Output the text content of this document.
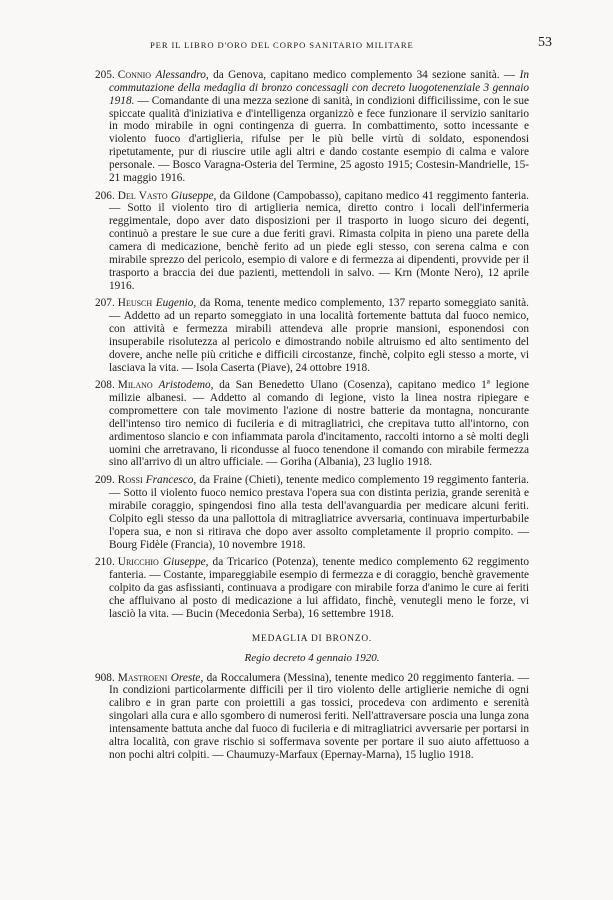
PER IL LIBRO D'ORO DEL CORPO SANITARIO MILITARE	53

205. Connio Alessandro, da Genova, capitano medico complemento 34 sezione sanità. — In commutazione della medaglia di bronzo concessagli con decreto luogotenenziale 3 gennaio 1918. — Comandante di una mezza sezione di sanità, in condizioni difficilissime, con le sue spiccate qualità d'iniziativa e d'intelligenza organizzò e fece funzionare il servizio sanitario in modo mirabile in ogni contingenza di guerra. In combattimento, sotto incessante e violento fuoco d'artiglieria, rifulse per le più belle virtù di soldato, esponendosi ripetutamente, pur di riuscire utile agli altri e dando costante esempio di calma e valore personale. — Bosco Varagna-Osteria del Termine, 25 agosto 1915; Costesin-Mandrielle, 15-21 maggio 1916.

206. Del Vasto Giuseppe, da Gildone (Campobasso), capitano medico 41 reggimento fanteria. — Sotto il violento tiro di artiglieria nemica, diretto contro i locali dell'infermeria reggimentale, dopo aver dato disposizioni per il trasporto in luogo sicuro dei degenti, continuò a prestare le sue cure a due feriti gravi. Rimasta colpita in pieno una parete della camera di medicazione, benchè ferito ad un piede egli stesso, con serena calma e con mirabile sprezzo del pericolo, esempio di valore e di fermezza ai dipendenti, provvide per il trasporto a braccia dei due pazienti, mettendoli in salvo. — Krn (Monte Nero), 12 aprile 1916.

207. Heusch Eugenio, da Roma, tenente medico complemento, 137 reparto someggiato sanità. — Addetto ad un reparto someggiato in una località fortemente battuta dal fuoco nemico, con attività e fermezza mirabili attendeva alle proprie mansioni, esponendosi con insuperabile risolutezza al pericolo e dimostrando nobile altruismo ed alto sentimento del dovere, anche nelle più critiche e difficili circostanze, finchè, colpito egli stesso a morte, vi lasciava la vita. — Isola Caserta (Piave), 24 ottobre 1918.

208. Milano Aristodemo, da San Benedetto Ulano (Cosenza), capitano medico 1ª legione milizie albanesi. — Addetto al comando di legione, visto la linea nostra ripiegare e compromettere con tale movimento l'azione di nostre batterie da montagna, noncurante dell'intenso tiro nemico di fucileria e di mitragliatrici, che crepitava tutto all'intorno, con ardimentoso slancio e con infiammata parola d'incitamento, raccolti intorno a sè molti degli uomini che arretravano, li ricondusse al fuoco tenendone il comando con mirabile fermezza sino all'arrivo di un altro ufficiale. — Goriha (Albania), 23 luglio 1918.

209. Rossi Francesco, da Fraine (Chieti), tenente medico complemento 19 reggimento fanteria. — Sotto il violento fuoco nemico prestava l'opera sua con distinta perizia, grande serenità e mirabile coraggio, spingendosi fino alla testa dell'avanguardia per medicare alcuni feriti. Colpito egli stesso da una pallottola di mitragliatrice avversaria, continuava imperturbabile l'opera sua, e non si ritirava che dopo aver assolto completamente il proprio compito. — Bourg Fidèle (Francia), 10 novembre 1918.

210. Uricchio Giuseppe, da Tricarico (Potenza), tenente medico complemento 62 reggimento fanteria. — Costante, impareggiabile esempio di fermezza e di coraggio, benchè gravemente colpito da gas asfissianti, continuava a prodigare con mirabile forza d'animo le cure ai feriti che affluivano al posto di medicazione a lui affidato, finchè, venutegli meno le forze, vi lasciò la vita. — Bucin (Mecedonia Serba), 16 settembre 1918.

MEDAGLIA DI BRONZO.
Regio decreto 4 gennaio 1920.

908. Mastroeni Oreste, da Roccalumera (Messina), tenente medico 20 reggimento fanteria. — In condizioni particolarmente difficili per il tiro violento delle artiglierie nemiche di ogni calibro e in gran parte con proiettili a gas tossici, procedeva con ardimento e serenità singolari alla cura e allo sgombero di numerosi feriti. Nell'attraversare poscia una lunga zona intensamente battuta anche dal fuoco di fucileria e di mitragliatrici avversarie per portarsi in altra località, con grave rischio si soffermava sovente per portare il suo aiuto affettuoso a non pochi altri colpiti. — Chaumuzy-Marfaux (Epernay-Marna), 15 luglio 1918.
